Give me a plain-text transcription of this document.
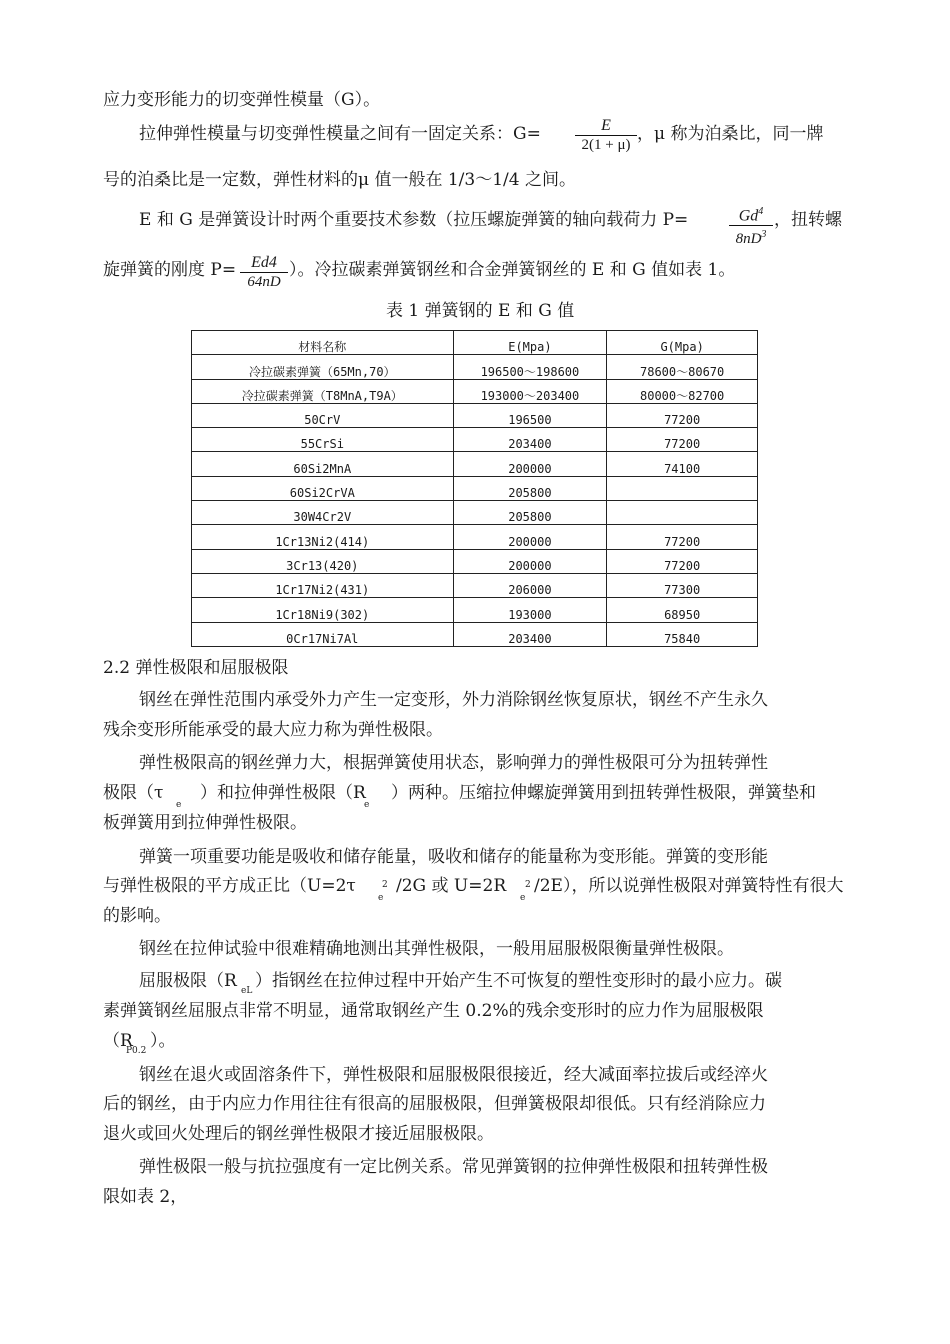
应力变形能力的切变弹性模量（G）。
拉伸弹性模量与切变弹性模量之间有一固定关系：$G= \frac{E}{2(1 + \mu)}$ ，μ 称为泊桑比，同一牌
号的泊桑比是一定数，弹性材料的μ 值一般在 1/3～1/4 之间。
E 和 G 是弹簧设计时两个重要技术参数（拉压螺旋弹簧的轴向载荷力 P=	$\frac{Gd^4}{8nD^3}$ ，扭转螺
旋弹簧的刚度 $P= \frac{Ed4}{64nD}$ ）。冷拉碳素弹簧钢丝和合金弹簧钢丝的 E 和 G 值如表 1。
表 1 弹簧钢的 E 和 G 值
材料名称	E(Mpa)	G(Mpa)
冷拉碳素弹簧（65Mn,70）	196500～198600	78600～80670
冷拉碳素弹簧（T8MnA,T9A）	193000～203400	80000～82700
50CrV	196500	77200
55CrSi	203400	77200
60Si2MnA	200000	74100
60Si2CrVA	205800	
30W4Cr2V	205800	
1Cr13Ni2(414)	200000	77200
3Cr13(420)	200000	77200
1Cr17Ni2(431)	206000	77300
1Cr18Ni9(302)	193000	68950
0Cr17Ni7Al	203400	75840
2.2 弹性极限和屈服极限
钢丝在弹性范围内承受外力产生一定变形，外力消除钢丝恢复原状，钢丝不产生永久
残余变形所能承受的最大应力称为弹性极限。
弹性极限高的钢丝弹力大，根据弹簧使用状态，影响弹力的弹性极限可分为扭转弹性
极限（τ ）和拉伸弹性极限（R ）两种。压缩拉伸螺旋弹簧用到扭转弹性极限，弹簧垫和
e	e
板弹簧用到拉伸弹性极限。
弹簧一项重要功能是吸收和储存能量，吸收和储存的能量称为变形能。弹簧的变形能
与弹性极限的平方成正比（U=2τ /2G 或 U=2R /2E），所以说弹性极限对弹簧特性有很大
2
e
2
e
的影响。
钢丝在拉伸试验中很难精确地测出其弹性极限，一般用屈服极限衡量弹性极限。
屈服极限（R ）指钢丝在拉伸过程中开始产生不可恢复的塑性变形时的最小应力。碳
eL
素弹簧钢丝屈服点非常不明显，通常取钢丝产生 0.2%的残余变形时的应力作为屈服极限
（R ）。
P0.2
钢丝在退火或固溶条件下，弹性极限和屈服极限很接近，经大减面率拉拔后或经淬火
后的钢丝，由于内应力作用往往有很高的屈服极限，但弹簧极限却很低。只有经消除应力
退火或回火处理后的钢丝弹性极限才接近屈服极限。
弹性极限一般与抗拉强度有一定比例关系。常见弹簧钢的拉伸弹性极限和扭转弹性极
限如表 2，
